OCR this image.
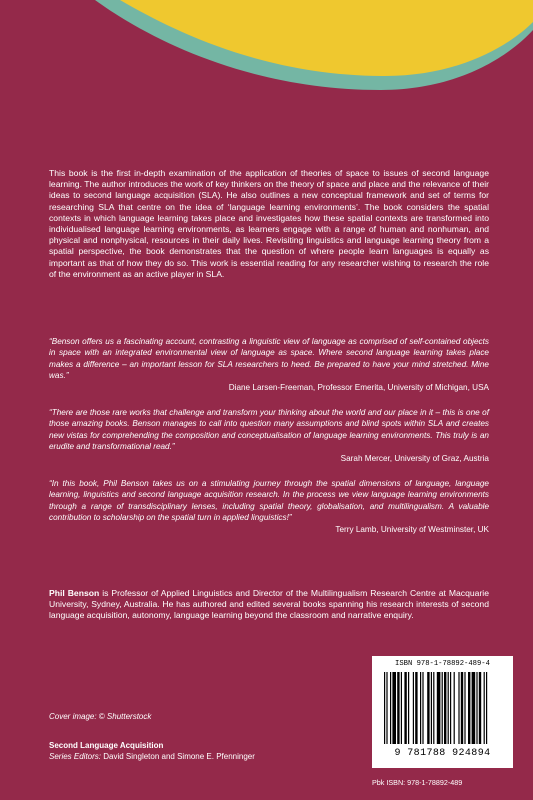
This book is the first in-depth examination of the application of theories of space to issues of second language learning. The author introduces the work of key thinkers on the theory of space and place and the relevance of their ideas to second language acquisition (SLA). He also outlines a new conceptual framework and set of terms for researching SLA that centre on the idea of ‘language learning environments’. The book considers the spatial contexts in which language learning takes place and investigates how these spatial contexts are transformed into individualised language learning environments, as learners engage with a range of human and nonhuman, and physical and nonphysical, resources in their daily lives. Revisiting linguistics and language learning theory from a spatial perspective, the book demonstrates that the question of where people learn languages is equally as important as that of how they do so. This work is essential reading for any researcher wishing to research the role of the environment as an active player in SLA.
“Benson offers us a fascinating account, contrasting a linguistic view of language as comprised of self-contained objects in space with an integrated environmental view of language as space. Where second language learning takes place makes a difference – an important lesson for SLA researchers to heed. Be prepared to have your mind stretched. Mine was.”
Diane Larsen-Freeman, Professor Emerita, University of Michigan, USA
“There are those rare works that challenge and transform your thinking about the world and our place in it – this is one of those amazing books. Benson manages to call into question many assumptions and blind spots within SLA and creates new vistas for comprehending the composition and conceptualisation of language learning environments. This truly is an erudite and transformational read.”
Sarah Mercer, University of Graz, Austria
“In this book, Phil Benson takes us on a stimulating journey through the spatial dimensions of language, language learning, linguistics and second language acquisition research. In the process we view language learning environments through a range of transdisciplinary lenses, including spatial theory, globalisation, and multilingualism. A valuable contribution to scholarship on the spatial turn in applied linguistics!”
Terry Lamb, University of Westminster, UK
Phil Benson is Professor of Applied Linguistics and Director of the Multilingualism Research Centre at Macquarie University, Sydney, Australia. He has authored and edited several books spanning his research interests of second language acquisition, autonomy, language learning beyond the classroom and narrative enquiry.
Cover image: © Shutterstock
Second Language Acquisition
Series Editors: David Singleton and Simone E. Pfenninger
ISBN 978-1-78892-489-4
9 781788 924894
Pbk ISBN: 978-1-78892-489
